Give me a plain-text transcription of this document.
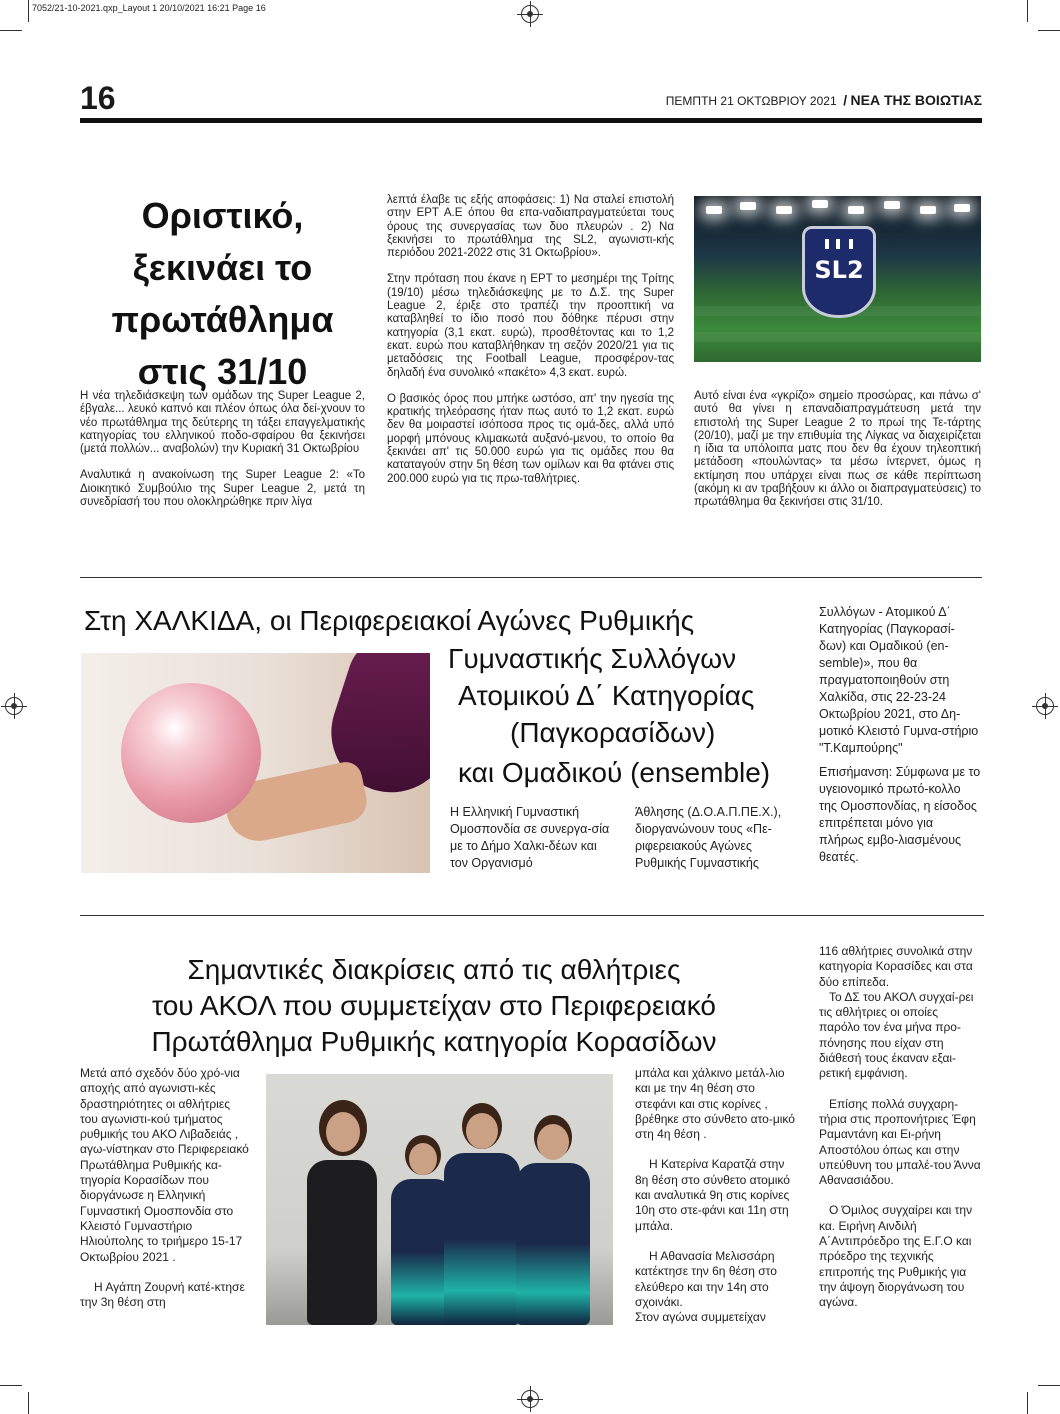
7052/21-10-2021.qxp_Layout 1 20/10/2021 16:21 Page 16
16	ΠΕΜΠΤΗ 21 ΟΚΤΩΒΡΙΟΥ 2021 / ΝΕΑ ΤΗΣ ΒΟΙΩΤΙΑΣ
Οριστικό,
ξεκινάει το
πρωτάθλημα
στις 31/10

Η νέα τηλεδιάσκεψη των ομάδων της Super League 2, έβγαλε... λευκό καπνό και πλέον όπως όλα δεί-χνουν το νέο πρωτάθλημα της δεύτερης τη τάξει επαγγελματικής κατηγορίας του ελληνικού ποδο-σφαίρου θα ξεκινήσει (μετά πολλών... αναβολών) την Κυριακή 31 Οκτωβρίου

Αναλυτικά η ανακοίνωση της Super League 2: «Το Διοικητικό Συμβούλιο της Super League 2, μετά τη συνεδρίασή του που ολοκληρώθηκε πριν λίγα

λεπτά έλαβε τις εξής αποφάσεις: 1) Να σταλεί επιστολή στην ΕΡΤ Α.Ε όπου θα επα-ναδιαπραγματεύεται τους όρους της συνεργασίας των δυο πλευρών . 2) Να ξεκινήσει το πρωτάθλημα της SL2, αγωνιστι-κής περιόδου 2021-2022 στις 31 Οκτωβρίου».

Στην πρόταση που έκανε η ΕΡΤ το μεσημέρι της Τρίτης (19/10) μέσω τηλεδιάσκεψης με το Δ.Σ. της Super League 2, έριξε στο τραπέζι την προοπτική να καταβληθεί το ίδιο ποσό που δόθηκε πέρυσι στην κατηγορία (3,1 εκατ. ευρώ), προσθέτοντας και το 1,2 εκατ. ευρώ που καταβλήθηκαν τη σεζόν 2020/21 για τις μεταδόσεις της Football League, προσφέρον-τας δηλαδή ένα συνολικό «πακέτο» 4,3 εκατ. ευρώ.

Ο βασικός όρος που μπήκε ωστόσο, απ' την ηγεσία της κρατικής τηλεόρασης ήταν πως αυτό το 1,2 εκατ. ευρώ δεν θα μοιραστεί ισόποσα προς τις ομά-δες, αλλά υπό μορφή μπόνους κλιμακωτά αυξανό-μενου, το οποίο θα ξεκινάει απ' τις 50.000 ευρώ για τις ομάδες που θα καταταγούν στην 5η θέση των ομίλων και θα φτάνει στις 200.000 ευρώ για τις πρω-ταθλήτριες.

SL2

Αυτό είναι ένα «γκρίζο» σημείο προσώρας, και πάνω σ' αυτό θα γίνει η επαναδιαπραγμάτευση μετά την επιστολή της Super League 2 το πρωί της Τε-τάρτης (20/10), μαζί με την επιθυμία της Λίγκας να διαχειρίζεται η ίδια τα υπόλοιπα ματς που δεν θα έχουν τηλεοπτική μετάδοση «πουλώντας» τα μέσω ίντερνετ, όμως η εκτίμηση που υπάρχει είναι πως σε κάθε περίπτωση (ακόμη κι αν τραβήξουν κι άλλο οι διαπραγματεύσεις) το πρωτάθλημα θα ξεκινήσει στις 31/10.

Στη ΧΑΛΚΙΔΑ, οι Περιφερειακοί Αγώνες Ρυθμικής
Γυμναστικής Συλλόγων
Ατομικού Δ΄ Κατηγορίας
(Παγκορασίδων)
και Ομαδικού (ensemble)

Η Ελληνική Γυμναστική Ομοσπονδία σε συνεργα-σία με το Δήμο Χαλκι-δέων και τον Οργανισμό

Άθλησης (Δ.Ο.Α.Π.ΠΕ.Χ.), διοργανώνουν τους «Πε-ριφερειακούς Αγώνες Ρυθμικής Γυμναστικής

Συλλόγων - Ατομικού Δ΄ Κατηγορίας (Παγκορασί-δων) και Ομαδικού (en-semble)», που θα πραγματοποιηθούν στη Χαλκίδα, στις 22-23-24 Οκτωβρίου 2021, στο Δη-μοτικό Κλειστό Γυμνα-στήριο "Τ.Καμπούρης"

Επισήμανση: Σύμφωνα με το υγειονομικό πρωτό-κολλο της Ομοσπονδίας, η είσοδος επιτρέπεται μόνο για πλήρως εμβο-λιασμένους θεατές.

Σημαντικές διακρίσεις από τις αθλήτριες
του ΑΚΟΛ που συμμετείχαν στο Περιφερειακό
Πρωτάθλημα Ρυθμικής κατηγορία Κορασίδων

Μετά από σχεδόν δύο χρό-νια αποχής από αγωνιστι-κές δραστηριότητες οι αθλήτριες του αγωνιστι-κού τμήματος ρυθμικής του ΑΚΟ Λιβαδειάς , αγω-νίστηκαν στο Περιφερειακό Πρωτάθλημα Ρυθμικής κα-τηγορία Κορασίδων που διοργάνωσε η Ελληνική Γυμναστική Ομοσπονδία στο Κλειστό Γυμναστήριο Ηλιούπολης το τριήμερο 15-17 Οκτωβρίου 2021 .

Η Αγάπη Ζουρνή κατέ-κτησε την 3η θέση στη

μπάλα και χάλκινο μετάλ-λιο και με την 4η θέση στο στεφάνι και στις κορίνες , βρέθηκε στο σύνθετο ατο-μικό στη 4η θέση .

Η Κατερίνα Καρατζά στην 8η θέση στο σύνθετο ατομικό και αναλυτικά 9η στις κορίνες 10η στο στε-φάνι και 11η στη μπάλα.

Η Αθανασία Μελισσάρη κατέκτησε την 6η θέση στο ελεύθερο και την 14η στο σχοινάκι.

Στον αγώνα συμμετείχαν

116 αθλήτριες συνολικά στην κατηγορία Κορασίδες και στα δύο επίπεδα.

Το ΔΣ του ΑΚΟΛ συγχαί-ρει τις αθλήτριες οι οποίες παρόλο τον ένα μήνα προ-πόνησης που είχαν στη διάθεσή τους έκαναν εξαι-ρετική εμφάνιση.

Επίσης πολλά συγχαρη-τήρια στις προπονήτριες Έφη Ραμαντάνη και Ει-ρήνη Αποστόλου όπως και στην υπεύθυνη του μπαλέ-του Άννα Αθανασιάδου.

Ο Όμιλος συγχαίρει και την κα. Ειρήνη Αινδιλή Α΄Αντιπρόεδρο της Ε.Γ.Ο και πρόεδρο της τεχνικής επιτροπής της Ρυθμικής για την άψογη διοργάνωση του αγώνα.
